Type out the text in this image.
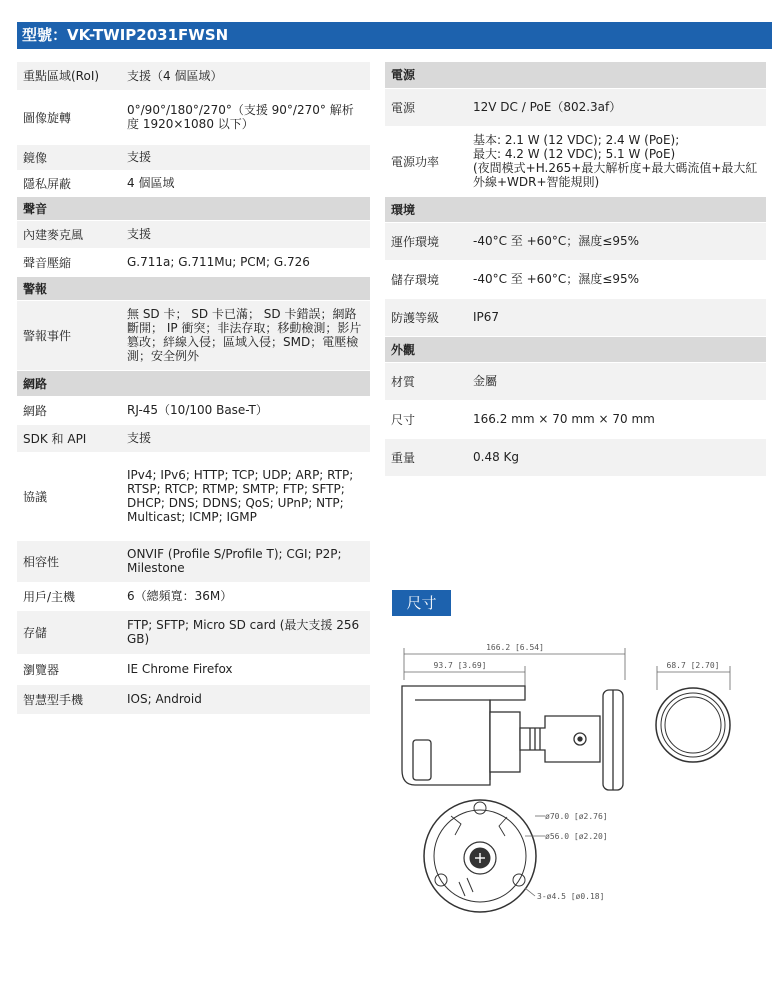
型號：VK-TWIP2031FWSN
重點區域(RoI)	支援（4 個區域）
圖像旋轉	0°/90°/180°/270°（支援 90°/270° 解析度 1920×1080 以下）
鏡像	支援
隱私屏蔽	4 個區域
聲音	
內建麥克風	支援
聲音壓縮	G.711a; G.711Mu; PCM; G.726
警報	
警報事件	無 SD 卡； SD 卡已滿； SD 卡錯誤；網路斷開； IP 衝突；非法存取；移動檢測；影片篡改；絆線入侵；區域入侵；SMD；電壓檢測；安全例外
網路	
網路	RJ-45（10/100 Base-T）
SDK 和 API	支援
協議	IPv4; IPv6; HTTP; TCP; UDP; ARP; RTP; RTSP; RTCP; RTMP; SMTP; FTP; SFTP; DHCP; DNS; DDNS; QoS; UPnP; NTP; Multicast; ICMP; IGMP
相容性	ONVIF (Profile S/Profile T); CGI; P2P; Milestone
用戶/主機	6（總頻寬：36M）
存儲	FTP; SFTP; Micro SD card (最大支援 256 GB)
瀏覽器	IE Chrome Firefox
智慧型手機	IOS; Android
電源	
電源	12V DC / PoE（802.3af）
電源功率	基本: 2.1 W (12 VDC); 2.4 W (PoE);
最大: 4.2 W (12 VDC); 5.1 W (PoE)
(夜間模式+H.265+最大解析度+最大碼流值+最大紅外線+WDR+智能規則)
環境	
運作環境	-40°C 至 +60°C；濕度≤95%
儲存環境	-40°C 至 +60°C；濕度≤95%
防護等級	IP67
外觀	
材質	金屬
尺寸	166.2 mm × 70 mm × 70 mm
重量	0.48 Kg
尺寸
166.2 [6.54]
93.7 [3.69]	68.7 [2.70]
ø70.0 [ø2.76]
ø56.0 [ø2.20]
3-ø4.5 [ø0.18]
